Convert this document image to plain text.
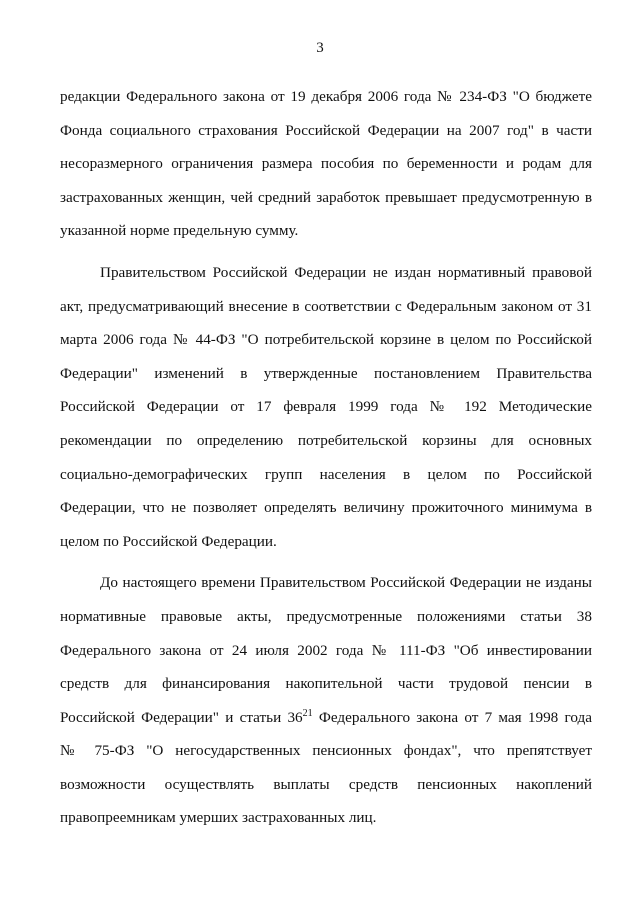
3
редакции Федерального закона от 19 декабря 2006 года № 234-ФЗ "О бюджете
Фонда социального страхования Российской Федерации на 2007 год" в части
несоразмерного ограничения размера пособия по беременности и родам для
застрахованных женщин, чей средний заработок превышает предусмотренную в
указанной норме предельную сумму.
Правительством Российской Федерации не издан нормативный правовой
акт, предусматривающий внесение в соответствии с Федеральным законом от 31
марта 2006 года № 44-ФЗ "О потребительской корзине в целом по Российской
Федерации" изменений в утвержденные постановлением Правительства
Российской Федерации от 17 февраля 1999 года № 192 Методические
рекомендации по определению потребительской корзины для основных
социально-демографических групп населения в целом по Российской
Федерации, что не позволяет определять величину прожиточного минимума в
целом по Российской Федерации.
До настоящего времени Правительством Российской Федерации не изданы
нормативные правовые акты, предусмотренные положениями статьи 38
Федерального закона от 24 июля 2002 года № 111-ФЗ "Об инвестировании
средств для финансирования накопительной части трудовой пенсии в
Российской Федерации" и статьи $36^{21}$ Федерального закона от 7 мая 1998 года
№ 75-ФЗ "О негосударственных пенсионных фондах", что препятствует
возможности осуществлять выплаты средств пенсионных накоплений
правопреемникам умерших застрахованных лиц.
